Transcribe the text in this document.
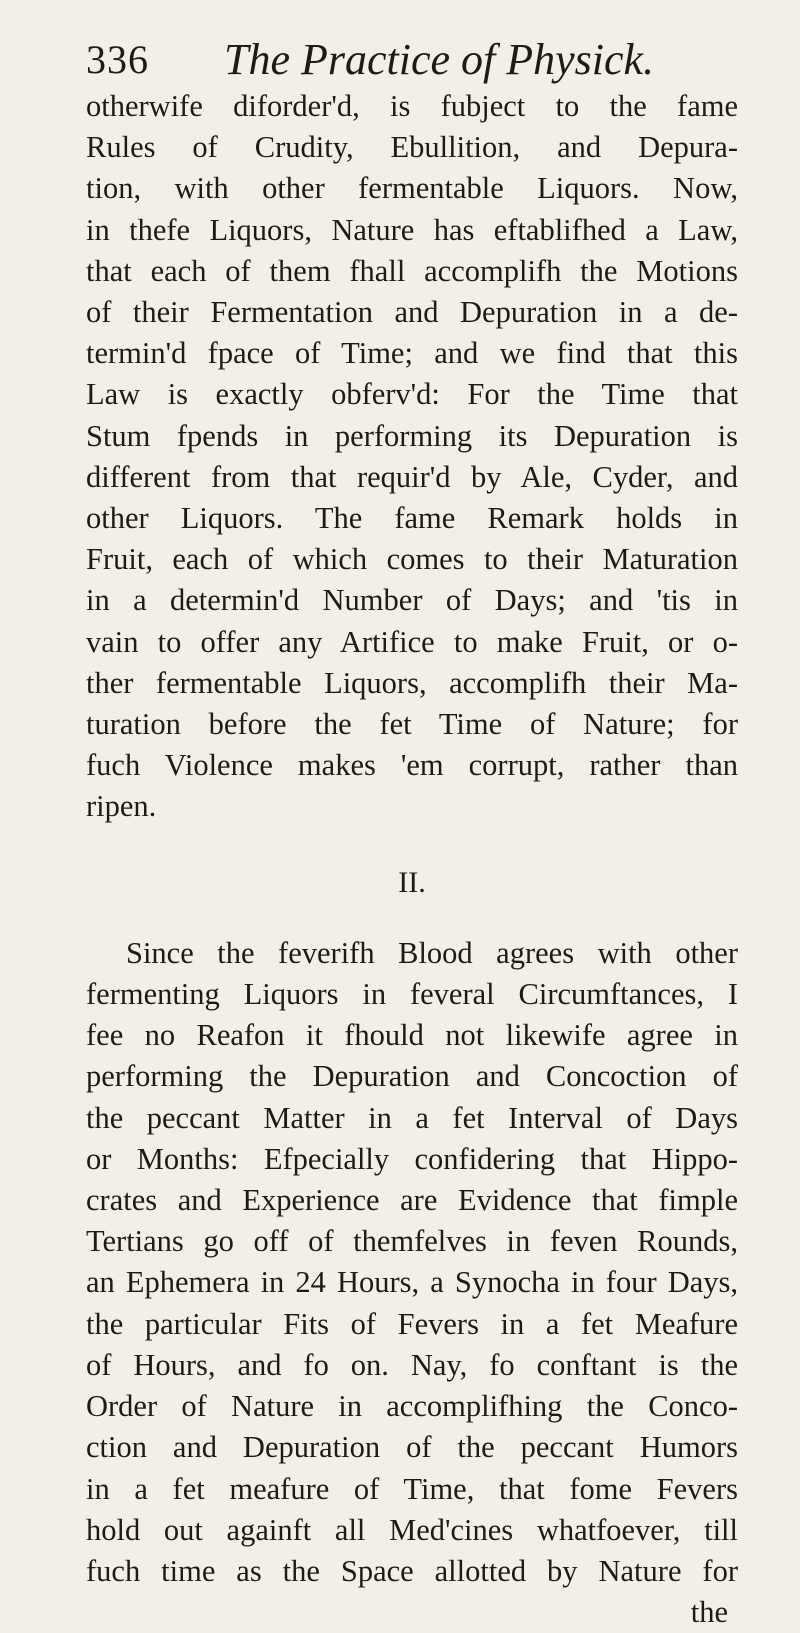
336 The Practice of Physick.
otherwife diforder'd, is fubject to the fame
Rules of Crudity, Ebullition, and Depura-
tion, with other fermentable Liquors. Now,
in thefe Liquors, Nature has eftablifhed a Law,
that each of them fhall accomplifh the Motions
of their Fermentation and Depuration in a de-
termin'd fpace of Time; and we find that this
Law is exactly obferv'd: For the Time that
Stum fpends in performing its Depuration is
different from that requir'd by Ale, Cyder, and
other Liquors. The fame Remark holds in
Fruit, each of which comes to their Maturation
in a determin'd Number of Days; and 'tis in
vain to offer any Artifice to make Fruit, or o-
ther fermentable Liquors, accomplifh their Ma-
turation before the fet Time of Nature; for
fuch Violence makes 'em corrupt, rather than
ripen.
II.
Since the feverifh Blood agrees with other
fermenting Liquors in feveral Circumftances, I
fee no Reafon it fhould not likewife agree in
performing the Depuration and Concoction of
the peccant Matter in a fet Interval of Days
or Months: Efpecially confidering that Hippo-
crates and Experience are Evidence that fimple
Tertians go off of themfelves in feven Rounds,
an Ephemera in 24 Hours, a Synocha in four Days,
the particular Fits of Fevers in a fet Meafure
of Hours, and fo on. Nay, fo conftant is the
Order of Nature in accomplifhing the Conco-
ction and Depuration of the peccant Humors
in a fet meafure of Time, that fome Fevers
hold out againft all Med'cines whatfoever, till
fuch time as the Space allotted by Nature for
the
